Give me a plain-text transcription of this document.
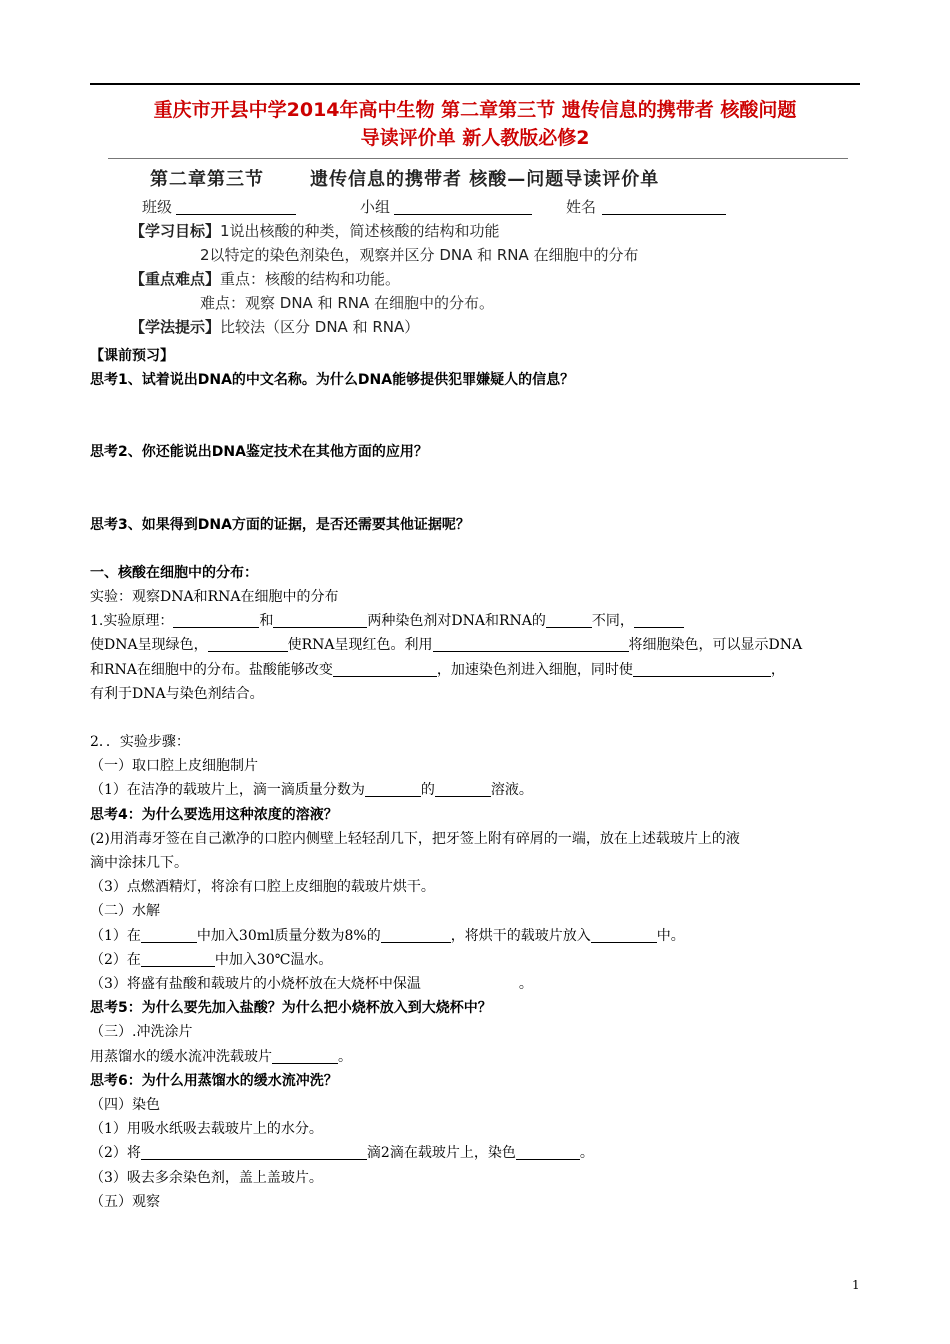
重庆市开县中学2014年高中生物 第二章第三节 遗传信息的携带者 核酸问题
导读评价单 新人教版必修2
第二章第三节	遗传信息的携带者 核酸—问题导读评价单
班级	小组	姓名
【学习目标】1说出核酸的种类，简述核酸的结构和功能
2以特定的染色剂染色，观察并区分 DNA 和 RNA 在细胞中的分布
【重点难点】重点：核酸的结构和功能。
难点：观察 DNA 和 RNA 在细胞中的分布。
【学法提示】比较法（区分 DNA 和 RNA）

【课前预习】

思考1、试着说出DNA的中文名称。为什么DNA能够提供犯罪嫌疑人的信息？

思考2、你还能说出DNA鉴定技术在其他方面的应用？

思考3、如果得到DNA方面的证据，是否还需要其他证据呢？

一、核酸在细胞中的分布：

实验：观察DNA和RNA在细胞中的分布

1.实验原理：	和	两种染色剂对DNA和RNA的	不同，

使DNA呈现绿色，	使RNA呈现红色。利用	将细胞染色，可以显示DNA

和RNA在细胞中的分布。盐酸能够改变	，加速染色剂进入细胞，同时使	，

有利于DNA与染色剂结合。

2．．实验步骤：

（一）取口腔上皮细胞制片

（1）在洁净的载玻片上，滴一滴质量分数为	的	溶液。

思考4：为什么要选用这种浓度的溶液？

(2)用消毒牙签在自己漱净的口腔内侧壁上轻轻刮几下，把牙签上附有碎屑的一端，放在上述载玻片上的液

滴中涂抹几下。

（3）点燃酒精灯，将涂有口腔上皮细胞的载玻片烘干。

（二）水解

（1）在	中加入30ml质量分数为8%的	，将烘干的载玻片放入	中。

（2）在	中加入30℃温水。

（3）将盛有盐酸和载玻片的小烧杯放在大烧杯中保温	。

思考5：为什么要先加入盐酸？为什么把小烧杯放入到大烧杯中？

（三）.冲洗涂片

用蒸馏水的缓水流冲洗载玻片	。

思考6：为什么用蒸馏水的缓水流冲洗？

（四）染色

（1）用吸水纸吸去载玻片上的水分。

（2）将	滴2滴在载玻片上，染色	。

（3）吸去多余染色剂，盖上盖玻片。

（五）观察

1
